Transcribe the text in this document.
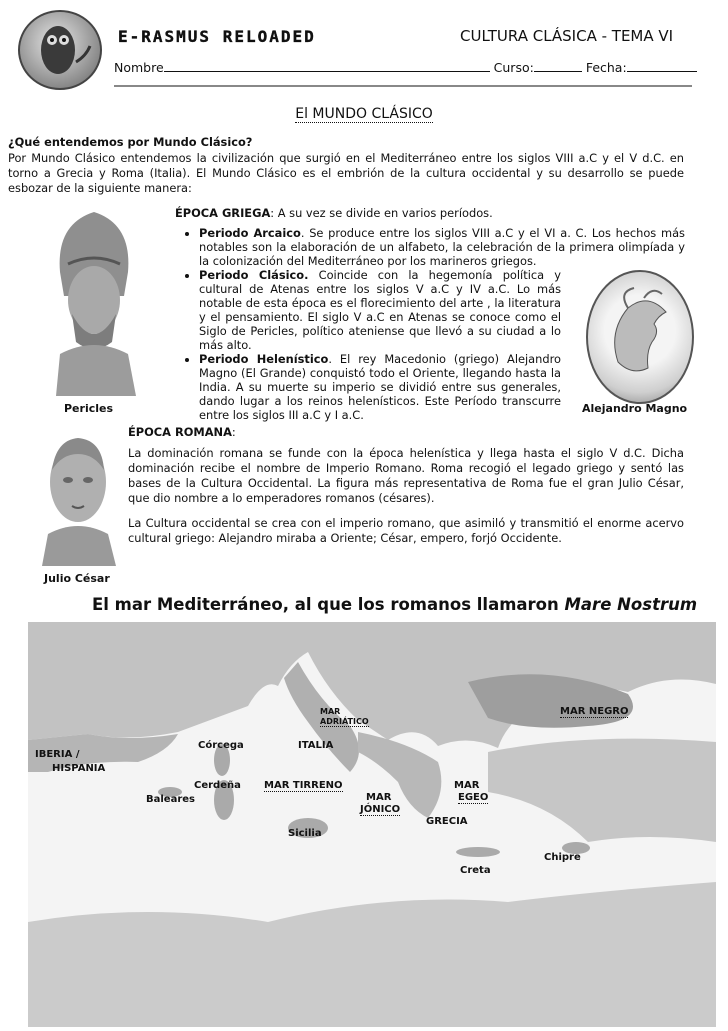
E-RASMUS RELOADED	CULTURA CLÁSICA - TEMA VI
Nombre	Curso:	Fecha:
El MUNDO CLÁSICO
¿Qué entendemos por Mundo Clásico?
Por Mundo Clásico entendemos la civilización que surgió en el Mediterráneo entre los siglos VIII a.C y el V d.C. en torno a Grecia y Roma (Italia). El Mundo Clásico es el embrión de la cultura occidental y su desarrollo se puede esbozar de la siguiente manera:
Pericles
ÉPOCA GRIEGA: A su vez se divide en varios períodos.
• Periodo Arcaico. Se produce entre los siglos VIII a.C y el VI a. C. Los hechos más notables son la elaboración de un alfabeto, la celebración de la primera olimpíada y la colonización del Mediterráneo por los marineros griegos.
• Periodo Clásico. Coincide con la hegemonía política y cultural de Atenas entre los siglos V a.C y IV a.C. Lo más notable de esta época es el florecimiento del arte , la literatura y el pensamiento. El siglo V a.C en Atenas se conoce como el Siglo de Pericles, político ateniense que llevó a su ciudad a lo más alto.
• Periodo Helenístico. El rey Macedonio (griego) Alejandro Magno (El Grande) conquistó todo el Oriente, llegando hasta la India. A su muerte su imperio se dividió entre sus generales, dando lugar a los reinos helenísticos. Este Período transcurre entre los siglos III a.C y I a.C.	Alejandro Magno
Julio César
ÉPOCA ROMANA:
La dominación romana se funde con la época helenística y llega hasta el siglo V d.C. Dicha dominación recibe el nombre de Imperio Romano. Roma recogió el legado griego y sentó las bases de la Cultura Occidental. La figura más representativa de Roma fue el gran Julio César, que dio nombre a lo emperadores romanos (césares).
La Cultura occidental se crea con el imperio romano, que asimiló y transmitió el enorme acervo cultural griego: Alejandro miraba a Oriente; César, empero, forjó Occidente.
El mar Mediterráneo, al que los romanos llamaron Mare Nostrum
MAR
ADRIÁTICO
MAR NEGRO
Córcega	ITALIA
IBERIA /
HISPANIA
Cerdeña MAR TIRRENO	MAR
EGEO
Baleares	MAR
JÓNICO
GRECIA
Sicilia
Chipre
Creta
